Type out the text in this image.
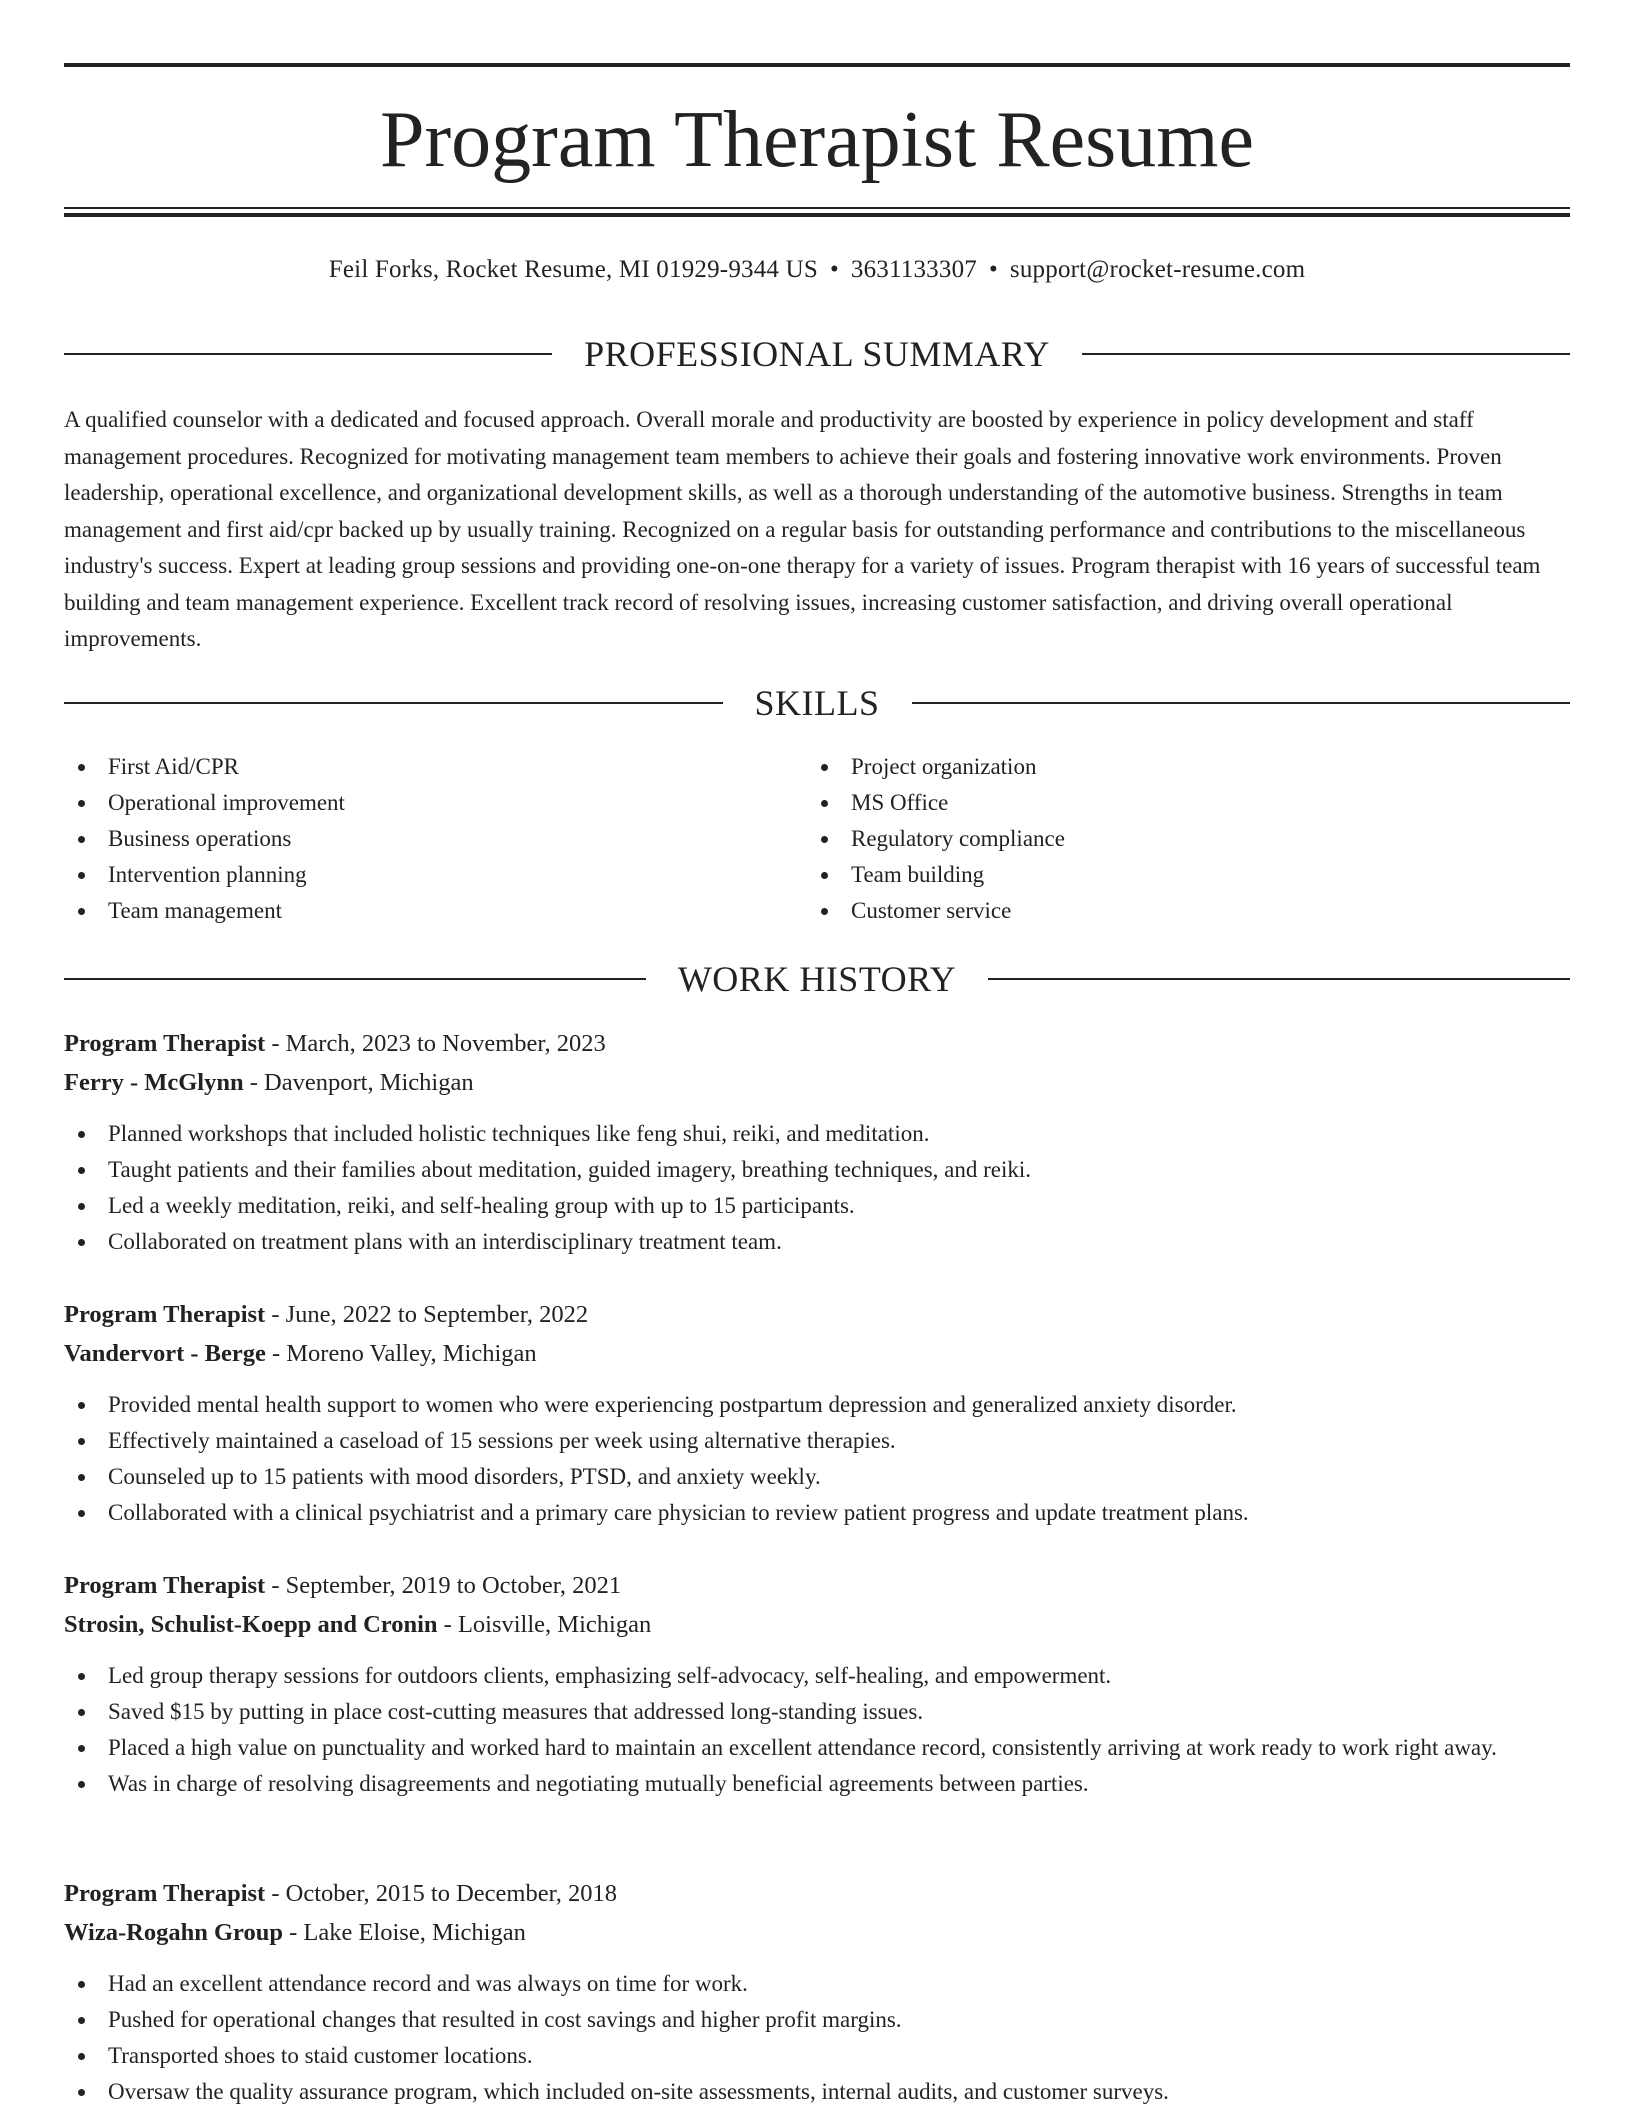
Program Therapist Resume
Feil Forks, Rocket Resume, MI 01929-9344 US • 3631133307 • support@rocket-resume.com
PROFESSIONAL SUMMARY

A qualified counselor with a dedicated and focused approach. Overall morale and productivity are boosted by experience in policy development and staff management procedures. Recognized for motivating management team members to achieve their goals and fostering innovative work environments. Proven leadership, operational excellence, and organizational development skills, as well as a thorough understanding of the automotive business. Strengths in team management and first aid/cpr backed up by usually training. Recognized on a regular basis for outstanding performance and contributions to the miscellaneous industry's success. Expert at leading group sessions and providing one-on-one therapy for a variety of issues. Program therapist with 16 years of successful team building and team management experience. Excellent track record of resolving issues, increasing customer satisfaction, and driving overall operational improvements.

SKILLS
First Aid/CPR
Operational improvement
Business operations
Intervention planning
Team management
Project organization
MS Office
Regulatory compliance
Team building
Customer service
WORK HISTORY
Program Therapist - March, 2023 to November, 2023
Ferry - McGlynn - Davenport, Michigan
Planned workshops that included holistic techniques like feng shui, reiki, and meditation.
Taught patients and their families about meditation, guided imagery, breathing techniques, and reiki.
Led a weekly meditation, reiki, and self-healing group with up to 15 participants.
Collaborated on treatment plans with an interdisciplinary treatment team.
Program Therapist - June, 2022 to September, 2022
Vandervort - Berge - Moreno Valley, Michigan
Provided mental health support to women who were experiencing postpartum depression and generalized anxiety disorder.
Effectively maintained a caseload of 15 sessions per week using alternative therapies.
Counseled up to 15 patients with mood disorders, PTSD, and anxiety weekly.
Collaborated with a clinical psychiatrist and a primary care physician to review patient progress and update treatment plans.
Program Therapist - September, 2019 to October, 2021
Strosin, Schulist-Koepp and Cronin - Loisville, Michigan
Led group therapy sessions for outdoors clients, emphasizing self-advocacy, self-healing, and empowerment.
Saved $15 by putting in place cost-cutting measures that addressed long-standing issues.
Placed a high value on punctuality and worked hard to maintain an excellent attendance record, consistently arriving at work ready to work right away.
Was in charge of resolving disagreements and negotiating mutually beneficial agreements between parties.
Program Therapist - October, 2015 to December, 2018
Wiza-Rogahn Group - Lake Eloise, Michigan
Had an excellent attendance record and was always on time for work.
Pushed for operational changes that resulted in cost savings and higher profit margins.
Transported shoes to staid customer locations.
Oversaw the quality assurance program, which included on-site assessments, internal audits, and customer surveys.
